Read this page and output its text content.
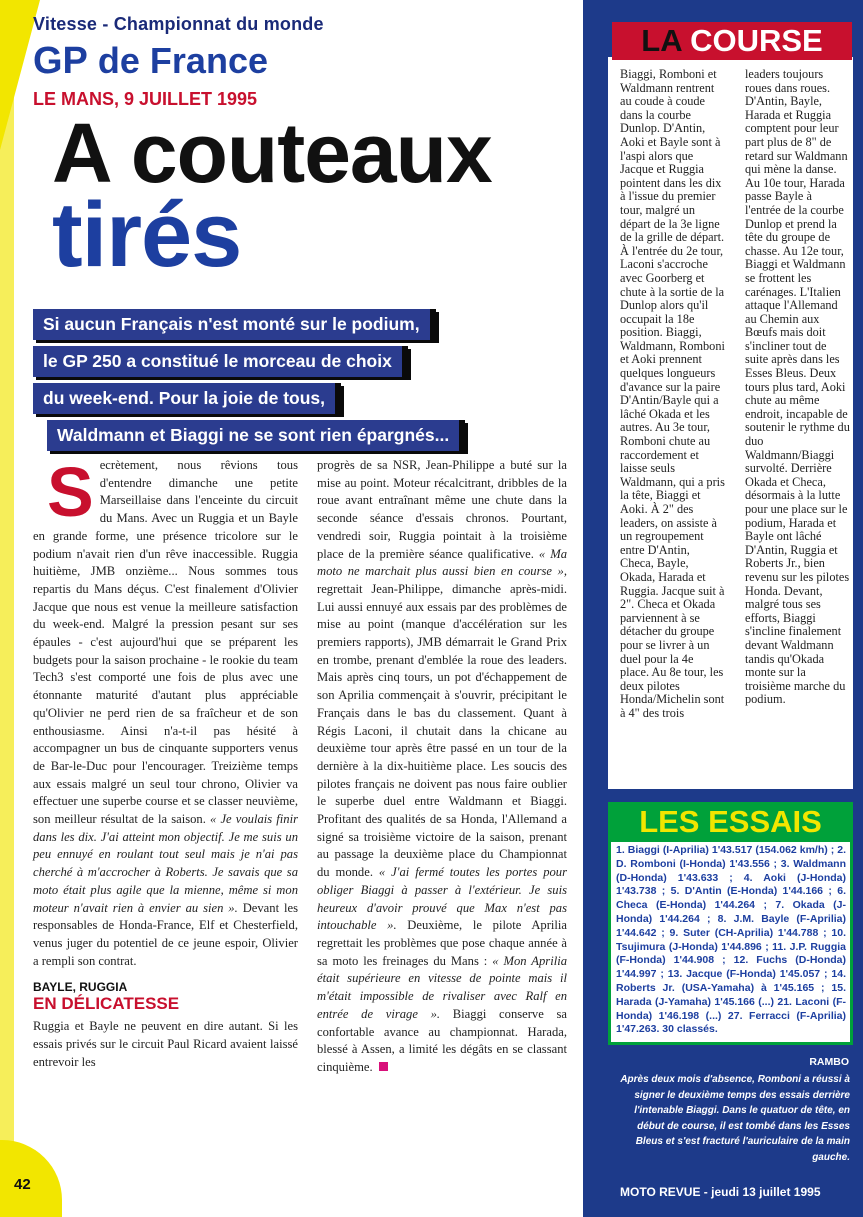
Vitesse - Championnat du monde
GP de France
LE MANS, 9 JUILLET 1995
A couteaux
tirés
Si aucun Français n'est monté sur le podium,
le GP 250 a constitué le morceau de choix
du week-end. Pour la joie de tous,
Waldmann et Biaggi ne se sont rien épargnés...
S ecrètement, nous rêvions tous d'entendre dimanche une petite Marseillaise dans l'enceinte du circuit du Mans. Avec un Ruggia et un Bayle en grande forme, une présence tricolore sur le podium n'avait rien d'un rêve inaccessible. Ruggia huitième, JMB onzième... Nous sommes tous repartis du Mans déçus. C'est finalement d'Olivier Jacque que nous est venue la meilleure satisfaction du week-end. Malgré la pression pesant sur ses épaules - c'est aujourd'hui que se préparent les budgets pour la saison prochaine - le rookie du team Tech3 s'est comporté une fois de plus avec une étonnante maturité d'autant plus appréciable qu'Olivier ne perd rien de sa fraîcheur et de son enthousiasme. Ainsi n'a-t-il pas hésité à accompagner un bus de cinquante supporters venus de Bar-le-Duc pour l'encourager. Treizième temps aux essais malgré un seul tour chrono, Olivier va effectuer une superbe course et se classer neuvième, son meilleur résultat de la saison. « Je voulais finir dans les dix. J'ai atteint mon objectif. Je me suis un peu ennuyé en roulant tout seul mais je n'ai pas cherché à m'accrocher à Roberts. Je savais que sa moto était plus agile que la mienne, même si mon moteur n'avait rien à envier au sien ». Devant les responsables de Honda-France, Elf et Chesterfield, venus juger du potentiel de ce jeune espoir, Olivier a rempli son contrat.
BAYLE, RUGGIA
EN DÉLICATESSE
Ruggia et Bayle ne peuvent en dire autant. Si les essais privés sur le circuit Paul Ricard avaient laissé entrevoir les
progrès de sa NSR, Jean-Philippe a buté sur la mise au point. Moteur récalcitrant, dribbles de la roue avant entraînant même une chute dans la seconde séance d'essais chronos. Pourtant, vendredi soir, Ruggia pointait à la troisième place de la première séance qualificative. « Ma moto ne marchait plus aussi bien en course », regrettait Jean-Philippe, dimanche après-midi. Lui aussi ennuyé aux essais par des problèmes de mise au point (manque d'accélération sur les premiers rapports), JMB démarrait le Grand Prix en trombe, prenant d'emblée la roue des leaders. Mais après cinq tours, un pot d'échappement de son Aprilia commençait à s'ouvrir, précipitant le Français dans le bas du classement. Quant à Régis Laconi, il chutait dans la chicane au deuxième tour après être passé en un tour de la dernière à la dix-huitième place. Les soucis des pilotes français ne doivent pas nous faire oublier le superbe duel entre Waldmann et Biaggi. Profitant des qualités de sa Honda, l'Allemand a signé sa troisième victoire de la saison, prenant au passage la deuxième place du Championnat du monde. « J'ai fermé toutes les portes pour obliger Biaggi à passer à l'extérieur. Je suis heureux d'avoir prouvé que Max n'est pas intouchable ». Deuxième, le pilote Aprilia regrettait les problèmes que pose chaque année à sa moto les freinages du Mans : « Mon Aprilia était supérieure en vitesse de pointe mais il m'était impossible de rivaliser avec Ralf en entrée de virage ». Biaggi conserve sa confortable avance au championnat. Harada, blessé à Assen, a limité les dégâts en se classant cinquième.
LA COURSE
Biaggi, Romboni et Waldmann rentrent au coude à coude dans la courbe Dunlop. D'Antin, Aoki et Bayle sont à l'aspi alors que Jacque et Ruggia pointent dans les dix à l'issue du premier tour, malgré un départ de la 3e ligne de la grille de départ. À l'entrée du 2e tour, Laconi s'accroche avec Goorberg et chute à la sortie de la Dunlop alors qu'il occupait la 18e position. Biaggi, Waldmann, Romboni et Aoki prennent quelques longueurs d'avance sur la paire D'Antin/Bayle qui a lâché Okada et les autres. Au 3e tour, Romboni chute au raccordement et laisse seuls Waldmann, qui a pris la tête, Biaggi et Aoki. À 2" des leaders, on assiste à un regroupement entre D'Antin, Checa, Bayle, Okada, Harada et Ruggia. Jacque suit à 2". Checa et Okada parviennent à se détacher du groupe pour se livrer à un duel pour la 4e place. Au 8e tour, les deux pilotes Honda/Michelin sont à 4" des trois
leaders toujours roues dans roues. D'Antin, Bayle, Harada et Ruggia comptent pour leur part plus de 8" de retard sur Waldmann qui mène la danse. Au 10e tour, Harada passe Bayle à l'entrée de la courbe Dunlop et prend la tête du groupe de chasse. Au 12e tour, Biaggi et Waldmann se frottent les carénages. L'Italien attaque l'Allemand au Chemin aux Bœufs mais doit s'incliner tout de suite après dans les Esses Bleus. Deux tours plus tard, Aoki chute au même endroit, incapable de soutenir le rythme du duo Waldmann/Biaggi survolté. Derrière Okada et Checa, désormais à la lutte pour une place sur le podium, Harada et Bayle ont lâché D'Antin, Ruggia et Roberts Jr., bien revenu sur les pilotes Honda. Devant, malgré tous ses efforts, Biaggi s'incline finalement devant Waldmann tandis qu'Okada monte sur la troisième marche du podium.
LES ESSAIS
1. Biaggi (I-Aprilia) 1'43.517 (154.062 km/h) ; 2. D. Romboni (I-Honda) 1'43.556 ; 3. Waldmann (D-Honda) 1'43.633 ; 4. Aoki (J-Honda) 1'43.738 ; 5. D'Antin (E-Honda) 1'44.166 ; 6. Checa (E-Honda) 1'44.264 ; 7. Okada (J-Honda) 1'44.264 ; 8. J.M. Bayle (F-Aprilia) 1'44.642 ; 9. Suter (CH-Aprilia) 1'44.788 ; 10. Tsujimura (J-Honda) 1'44.896 ; 11. J.P. Ruggia (F-Honda) 1'44.908 ; 12. Fuchs (D-Honda) 1'44.997 ; 13. Jacque (F-Honda) 1'45.057 ; 14. Roberts Jr. (USA-Yamaha) à 1'45.165 ; 15. Harada (J-Yamaha) 1'45.166 (...) 21. Laconi (F-Honda) 1'46.198 (...) 27. Ferracci (F-Aprilia) 1'47.263. 30 classés.
RAMBO
Après deux mois d'absence, Romboni a réussi à signer le deuxième temps des essais derrière l'intenable Biaggi. Dans le quatuor de tête, en début de course, il est tombé dans les Esses Bleus et s'est fracturé l'auriculaire de la main gauche.
42	MOTO REVUE - jeudi 13 juillet 1995
